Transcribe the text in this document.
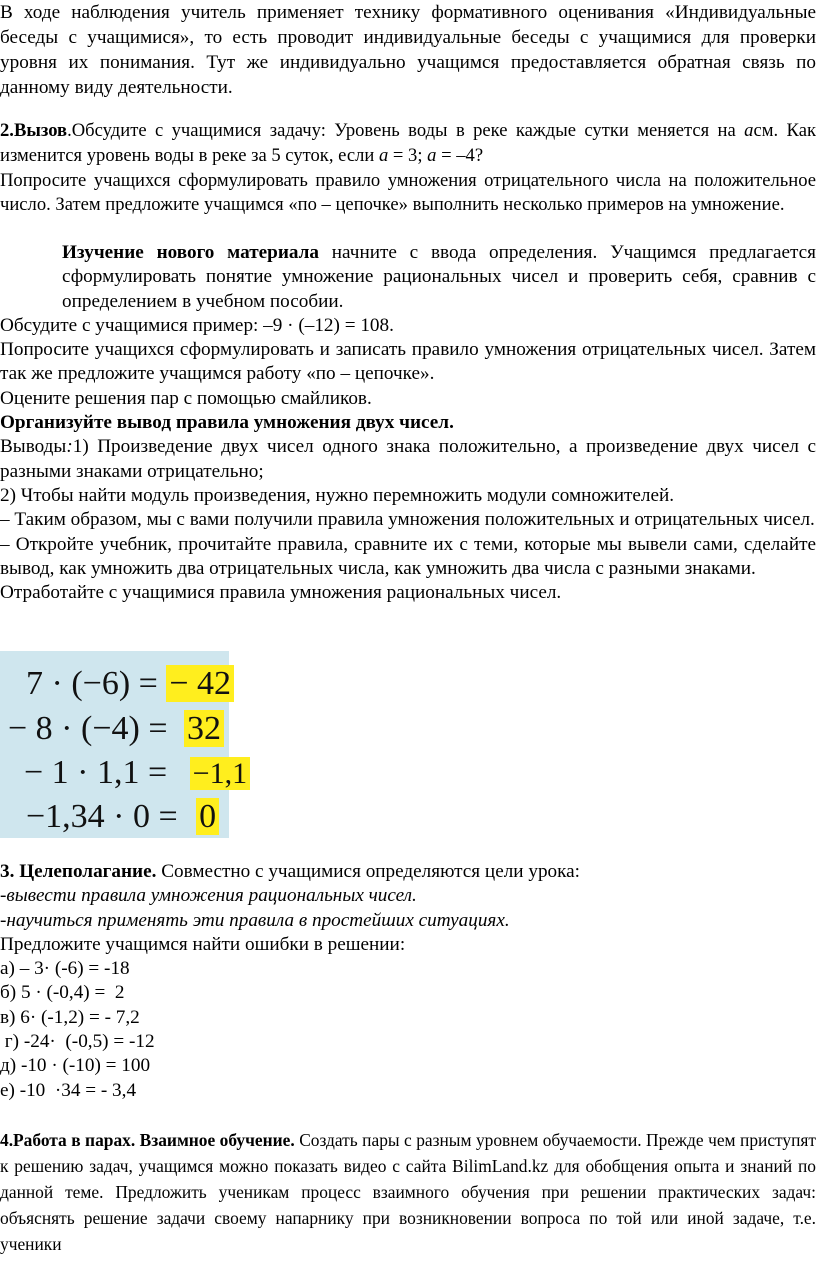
В ходе наблюдения учитель применяет технику формативного оценивания «Индивидуальные беседы с учащимися», то есть проводит индивидуальные беседы с учащимися для проверки уровня их понимания. Тут же индивидуально учащимся предоставляется обратная связь по данному виду деятельности.

2.Вызов.Обсудите с учащимися задачу: Уровень воды в реке каждые сутки меняется на асм. Как изменится уровень воды в реке за 5 суток, если а = 3; а = –4?

Попросите учащихся сформулировать правило умножения отрицательного числа на положительное число. Затем предложите учащимся «по – цепочке» выполнить несколько примеров на умножение.

Изучение нового материала начните с ввода определения. Учащимся предлагается сформулировать понятие умножение рациональных чисел и проверить себя, сравнив с определением в учебном пособии.

Обсудите с учащимися пример: –9 · (–12) = 108.

Попросите учащихся сформулировать и записать правило умножения отрицательных чисел. Затем так же предложите учащимся работу «по – цепочке».

Оцените решения пар с помощью смайликов.

Организуйте вывод правила умножения двух чисел.

Выводы:1) Произведение двух чисел одного знака положительно, а произведение двух чисел с разными знаками отрицательно;

2) Чтобы найти модуль произведения, нужно перемножить модули сомножителей.

– Таким образом, мы с вами получили правила умножения положительных и отрицательных чисел.

– Откройте учебник, прочитайте правила, сравните их с теми, которые мы вывели сами, сделайте вывод, как умножить два отрицательных числа, как умножить два числа с разными знаками.

Отработайте с учащимися правила умножения рациональных чисел.

7 · (−6) = − 42
− 8 · (−4) = 32
− 1 · 1,1 = −1,1
−1,34 · 0 = 0

3. Целеполагание. Совместно с учащимися определяются цели урока:

-вывести правила умножения рациональных чисел.

-научиться применять эти правила в простейших ситуациях.

Предложите учащимся найти ошибки в решении:

а) – 3· (-6) = -18

б) 5 · (-0,4) =  2

в) 6· (-1,2) = - 7,2

г) -24·  (-0,5) = -12

д) -10 · (-10) = 100

е) -10  ·34 = - 3,4

4.Работа в парах. Взаимное обучение. Создать пары с разным уровнем обучаемости. Прежде чем приступят к решению задач, учащимся можно показать видео с сайта BilimLand.kz для обобщения опыта и знаний по данной теме. Предложить ученикам процесс взаимного обучения при решении практических задач: объяснять решение задачи своему напарнику при возникновении вопроса по той или иной задаче, т.е. ученики
